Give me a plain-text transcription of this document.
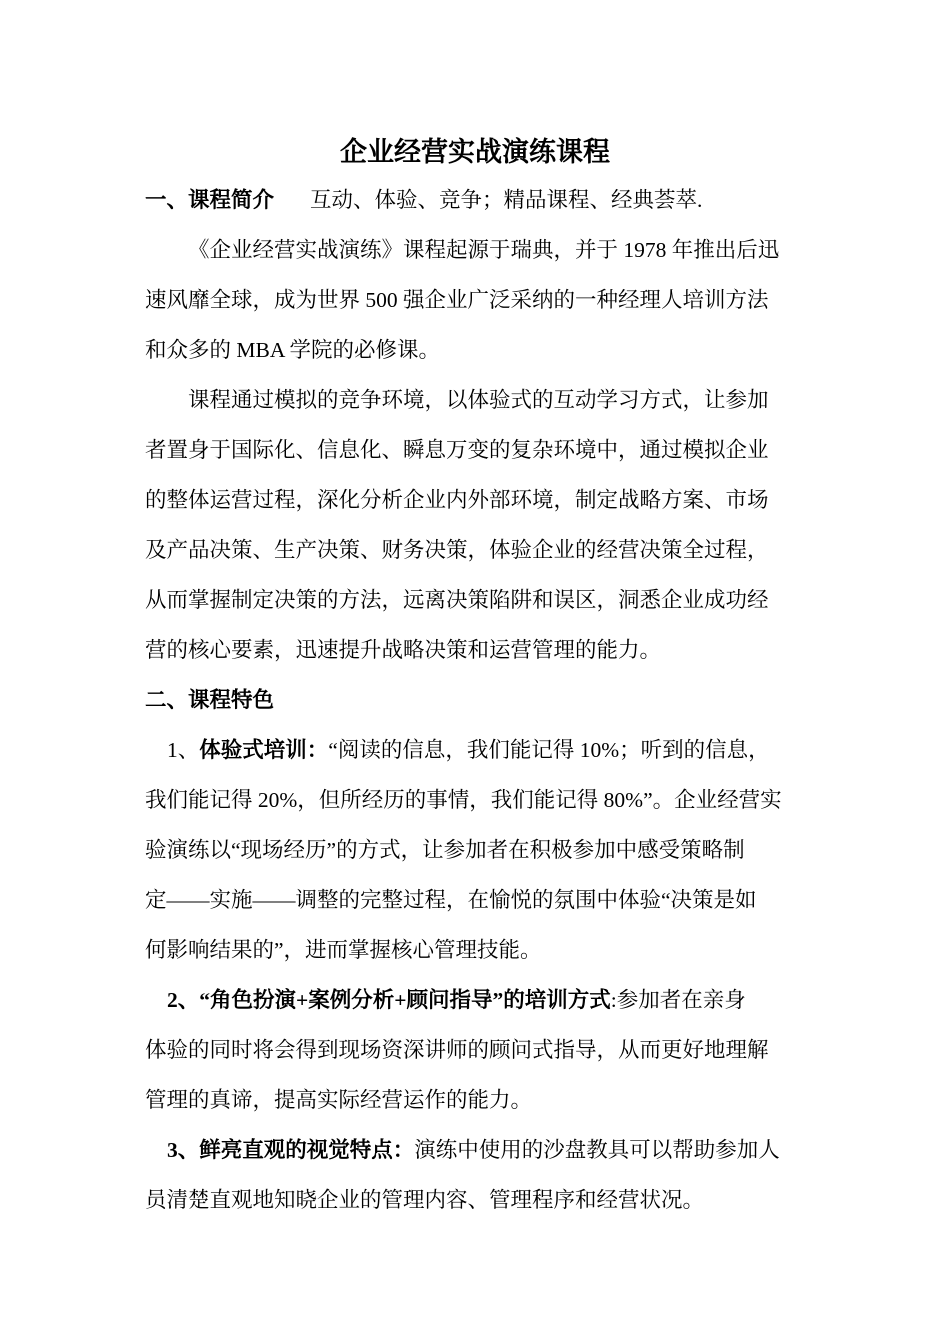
企业经营实战演练课程
一、课程简介 互动、体验、竞争；精品课程、经典荟萃.
《企业经营实战演练》课程起源于瑞典，并于 1978 年推出后迅
速风靡全球，成为世界 500 强企业广泛采纳的一种经理人培训方法
和众多的 MBA 学院的必修课。
课程通过模拟的竞争环境，以体验式的互动学习方式，让参加
者置身于国际化、信息化、瞬息万变的复杂环境中，通过模拟企业
的整体运营过程，深化分析企业内外部环境，制定战略方案、市场
及产品决策、生产决策、财务决策，体验企业的经营决策全过程，
从而掌握制定决策的方法，远离决策陷阱和误区，洞悉企业成功经
营的核心要素，迅速提升战略决策和运营管理的能力。
二、课程特色
1、体验式培训：“阅读的信息，我们能记得 10%；听到的信息，
我们能记得 20%，但所经历的事情，我们能记得 80%”。企业经营实
验演练以“现场经历”的方式，让参加者在积极参加中感受策略制
定——实施——调整的完整过程，在愉悦的氛围中体验“决策是如
何影响结果的”，进而掌握核心管理技能。
2、“角色扮演+案例分析+顾问指导”的培训方式:参加者在亲身
体验的同时将会得到现场资深讲师的顾问式指导，从而更好地理解
管理的真谛，提高实际经营运作的能力。
3、鲜亮直观的视觉特点：演练中使用的沙盘教具可以帮助参加人
员清楚直观地知晓企业的管理内容、管理程序和经营状况。
